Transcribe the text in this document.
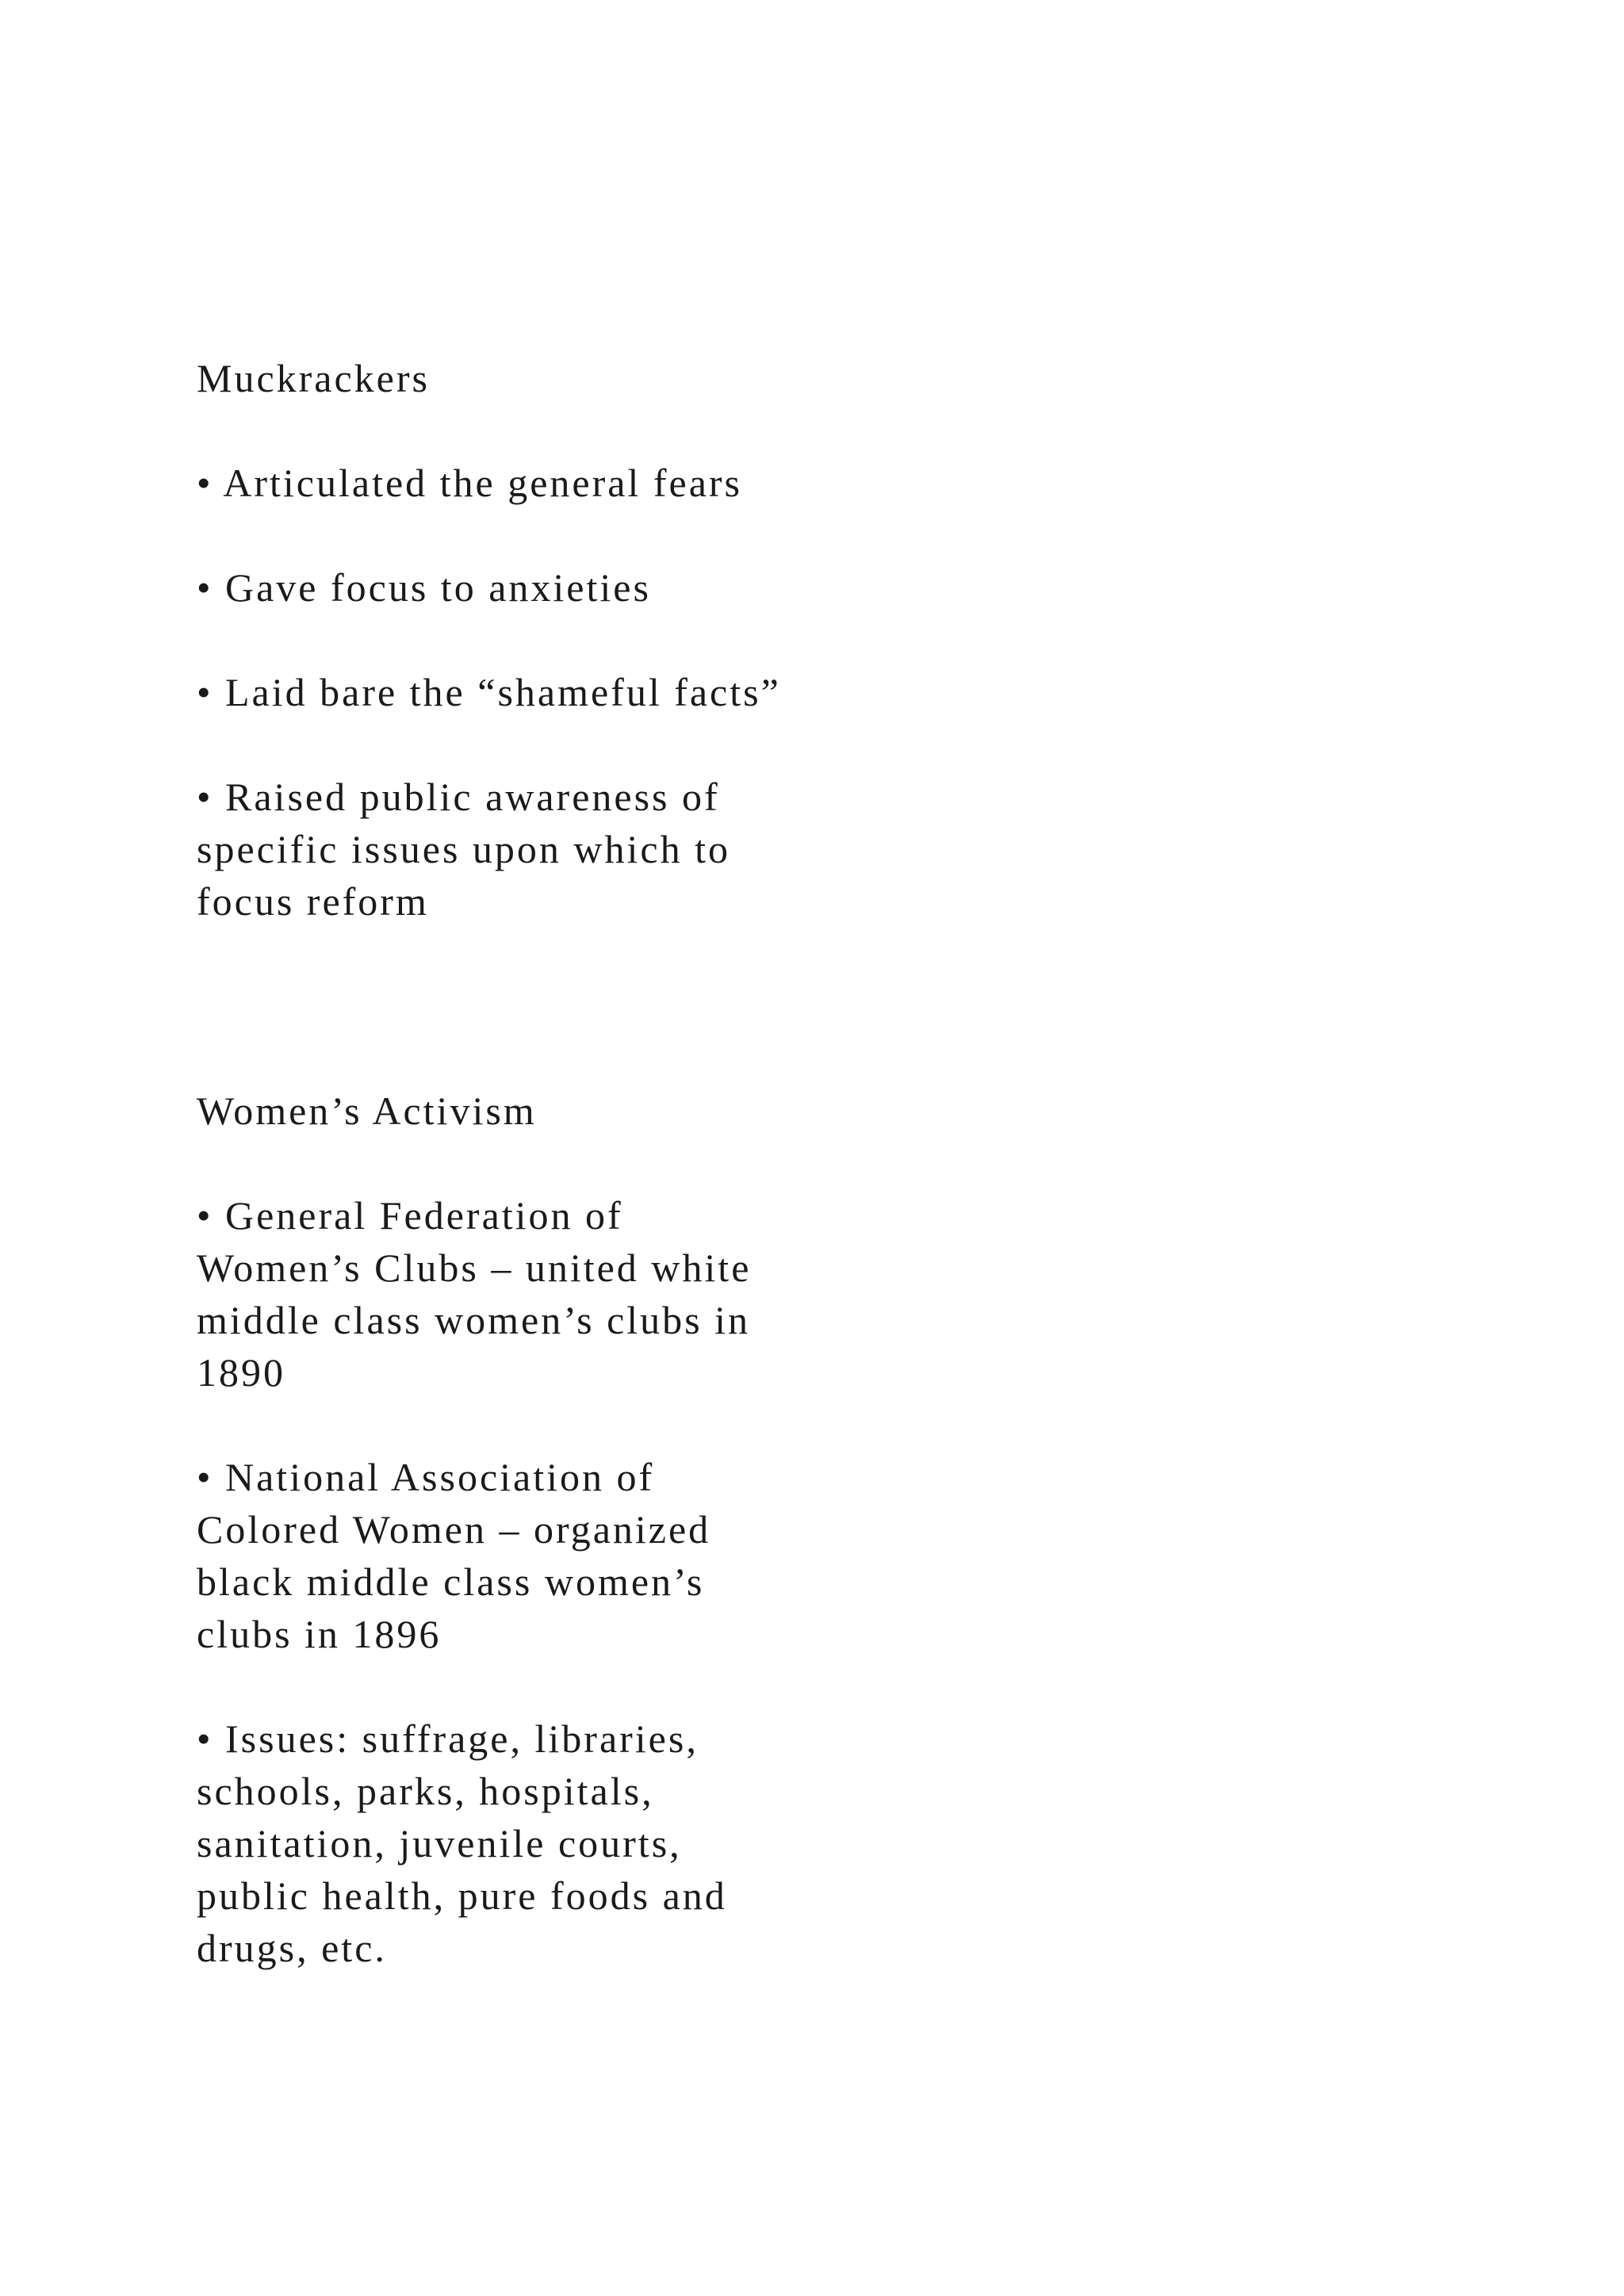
Muckrackers

• Articulated the general fears

• Gave focus to anxieties

• Laid bare the “shameful facts”

• Raised public awareness of
specific issues upon which to
focus reform

Women’s Activism

• General Federation of
Women’s Clubs – united white
middle class women’s clubs in
1890

• National Association of
Colored Women – organized
black middle class women’s
clubs in 1896

• Issues: suffrage, libraries,
schools, parks, hospitals,
sanitation, juvenile courts,
public health, pure foods and
drugs, etc.
